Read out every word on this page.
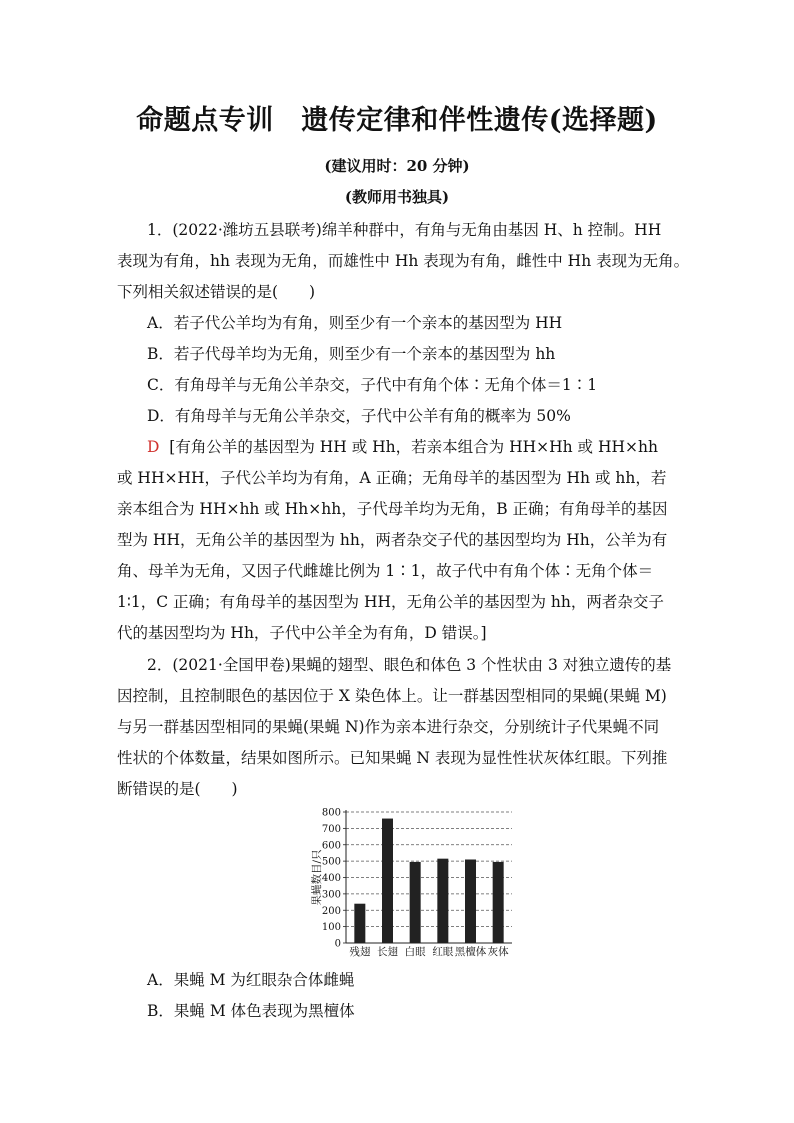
命题点专训　遗传定律和伴性遗传(选择题)
(建议用时：20 分钟)
(教师用书独具)
1．(2022·潍坊五县联考)绵羊种群中，有角与无角由基因 H、h 控制。HH
表现为有角，hh 表现为无角，而雄性中 Hh 表现为有角，雌性中 Hh 表现为无角。
下列相关叙述错误的是(　　)
A．若子代公羊均为有角，则至少有一个亲本的基因型为 HH
B．若子代母羊均为无角，则至少有一个亲本的基因型为 hh
C．有角母羊与无角公羊杂交，子代中有角个体∶无角个体＝1∶1
D．有角母羊与无角公羊杂交，子代中公羊有角的概率为 50%
D [有角公羊的基因型为 HH 或 Hh，若亲本组合为 HH×Hh 或 HH×hh
或 HH×HH，子代公羊均为有角，A 正确；无角母羊的基因型为 Hh 或 hh，若
亲本组合为 HH×hh 或 Hh×hh，子代母羊均为无角，B 正确；有角母羊的基因
型为 HH，无角公羊的基因型为 hh，两者杂交子代的基因型均为 Hh，公羊为有
角、母羊为无角，又因子代雌雄比例为 1∶1，故子代中有角个体∶无角个体＝
1∶1，C 正确；有角母羊的基因型为 HH，无角公羊的基因型为 hh，两者杂交子
代的基因型均为 Hh，子代中公羊全为有角，D 错误。]
2．(2021·全国甲卷)果蝇的翅型、眼色和体色 3 个性状由 3 对独立遗传的基
因控制，且控制眼色的基因位于 X 染色体上。让一群基因型相同的果蝇(果蝇 M)
与另一群基因型相同的果蝇(果蝇 N)作为亲本进行杂交，分别统计子代果蝇不同
性状的个体数量，结果如图所示。已知果蝇 N 表现为显性性状灰体红眼。下列推
断错误的是(　　)
0
100
200
300
400
500
600
700
800
果蝇数目/只
残翅 长翅 白眼 红眼 黑檀体 灰体
A．果蝇 M 为红眼杂合体雌蝇
B．果蝇 M 体色表现为黑檀体
